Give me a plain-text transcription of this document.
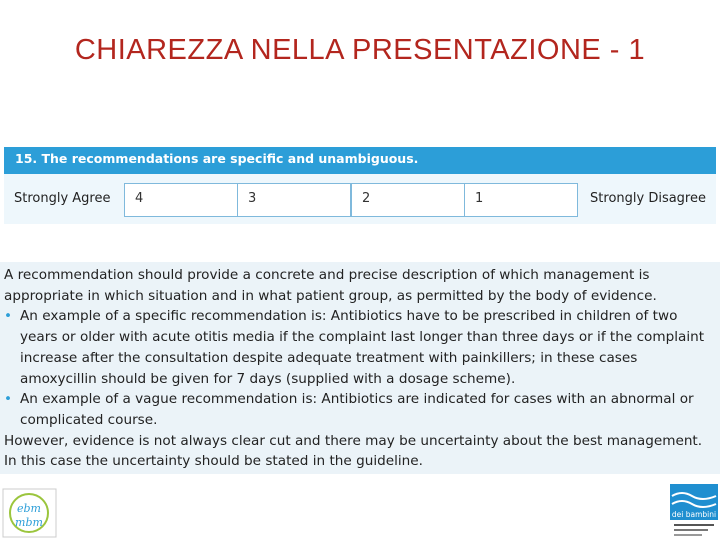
CHIAREZZA NELLA PRESENTAZIONE - 1
15. The recommendations are specific and unambiguous.
Strongly Agree 4	3	2	1	Strongly Disagree

A recommendation should provide a concrete and precise description of which management is appropriate in which situation and in what patient group, as permitted by the body of evidence.

• An example of a specific recommendation is: Antibiotics have to be prescribed in children of two years or older with acute otitis media if the complaint last longer than three days or if the complaint increase after the consultation despite adequate treatment with painkillers; in these cases amoxycillin should be given for 7 days (supplied with a dosage scheme).

• An example of a vague recommendation is: Antibiotics are indicated for cases with an abnormal or complicated course.

However, evidence is not always clear cut and there may be uncertainty about the best management.

In this case the uncertainty should be stated in the guideline.

ebm
mbm
dei bambini
